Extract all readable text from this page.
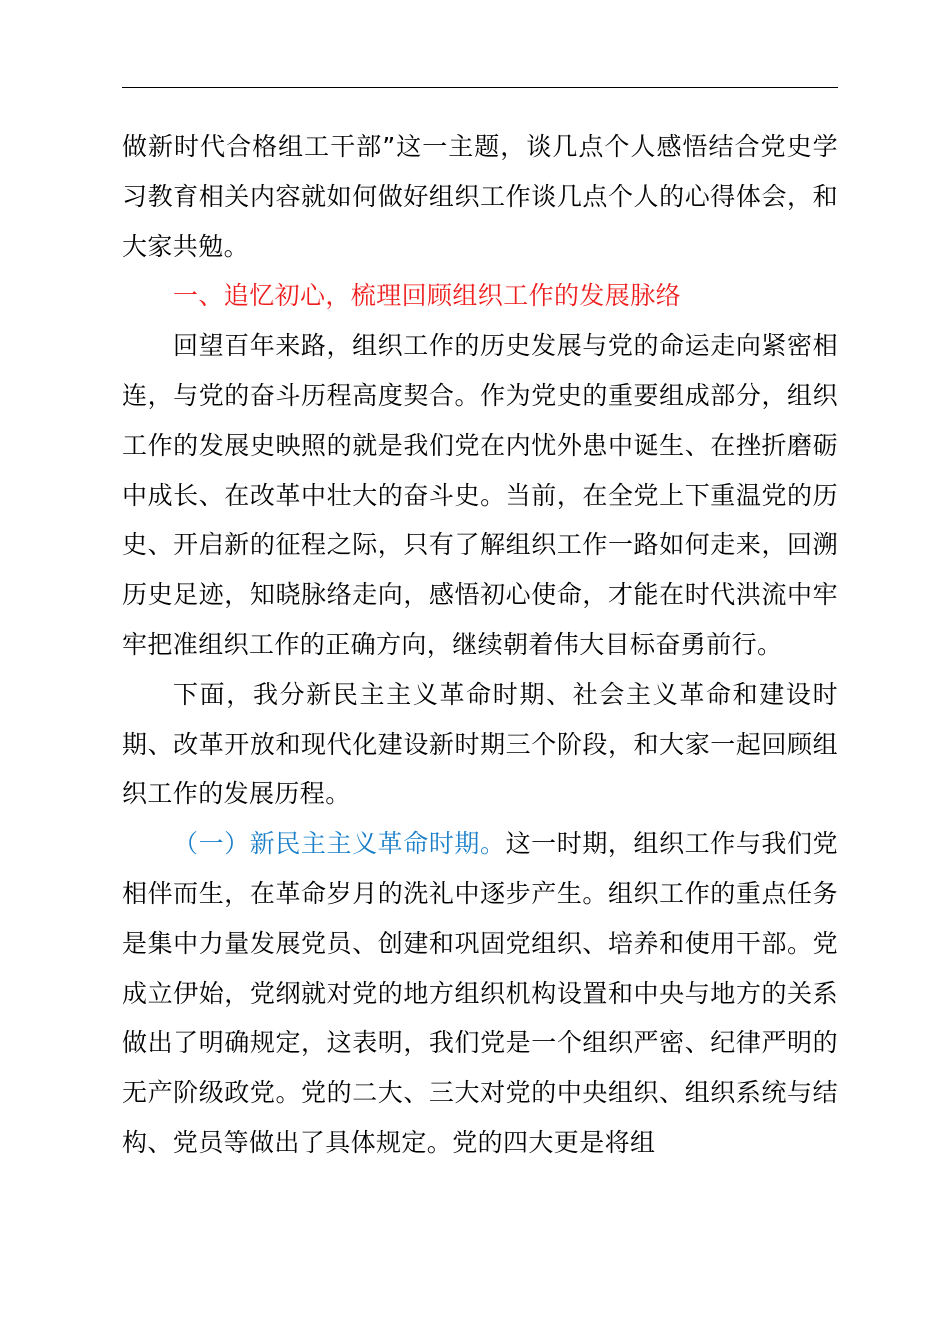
做新时代合格组工干部”这一主题，谈几点个人感悟结合党史学习教育相关内容就如何做好组织工作谈几点个人的心得体会，和大家共勉。

一、追忆初心，梳理回顾组织工作的发展脉络

回望百年来路，组织工作的历史发展与党的命运走向紧密相连，与党的奋斗历程高度契合。作为党史的重要组成部分，组织工作的发展史映照的就是我们党在内忧外患中诞生、在挫折磨砺中成长、在改革中壮大的奋斗史。当前，在全党上下重温党的历史、开启新的征程之际，只有了解组织工作一路如何走来，回溯历史足迹，知晓脉络走向，感悟初心使命，才能在时代洪流中牢牢把准组织工作的正确方向，继续朝着伟大目标奋勇前行。

下面，我分新民主主义革命时期、社会主义革命和建设时期、改革开放和现代化建设新时期三个阶段，和大家一起回顾组织工作的发展历程。

（一）新民主主义革命时期。这一时期，组织工作与我们党相伴而生，在革命岁月的洗礼中逐步产生。组织工作的重点任务是集中力量发展党员、创建和巩固党组织、培养和使用干部。党成立伊始，党纲就对党的地方组织机构设置和中央与地方的关系做出了明确规定，这表明，我们党是一个组织严密、纪律严明的无产阶级政党。党的二大、三大对党的中央组织、组织系统与结构、党员等做出了具体规定。党的四大更是将组
